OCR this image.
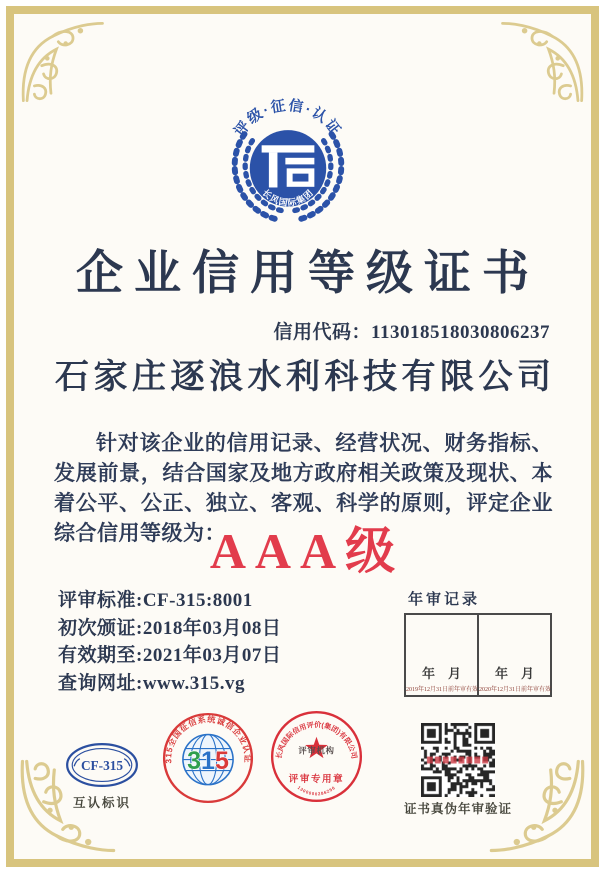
评级·征信·认证
长风国际集团
企业信用等级证书
信用代码：113018518030806237
石家庄逐浪水利科技有限公司
针对该企业的信用记录、经营状况、财务指标、发展前景，结合国家及地方政府相关政策及现状、本着公平、公正、独立、客观、科学的原则，评定企业综合信用等级为：
AAA级
评审标准:CF-315:8001
初次颁证:2018年03月08日
有效期至:2021年03月07日
查询网址:www.315.vg
年审记录
年　月
2019年12月31日前年审有效
年　月
2020年12月31日前年审有效
CF-315
互认标识
315全国征信系统诚信企业认证
315	长风国际信用评价(集团)有限公司
评审机构
评审专用章
1300000286256
证书真伪年审验证
